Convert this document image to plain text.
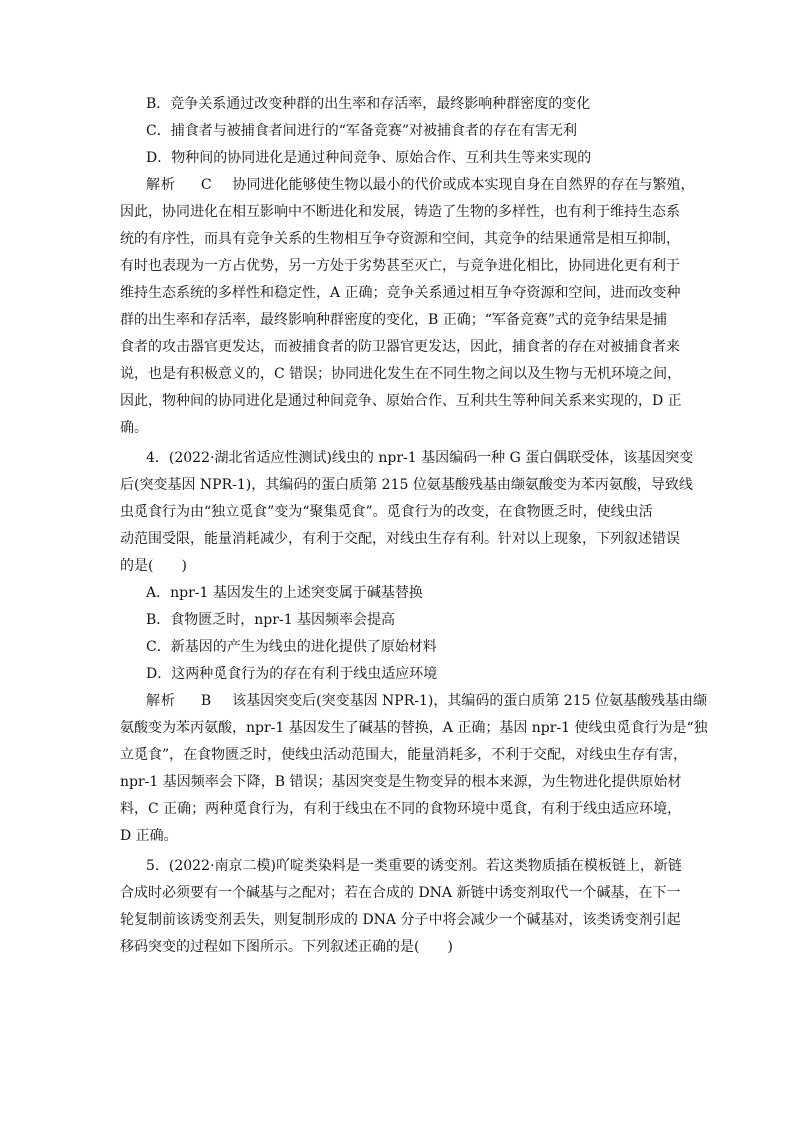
B．竞争关系通过改变种群的出生率和存活率，最终影响种群密度的变化
C．捕食者与被捕食者间进行的“军备竞赛”对被捕食者的存在有害无利
D．物种间的协同进化是通过种间竞争、原始合作、互利共生等来实现的
解析 C 协同进化能够使生物以最小的代价或成本实现自身在自然界的存在与繁殖，
因此，协同进化在相互影响中不断进化和发展，铸造了生物的多样性，也有利于维持生态系
统的有序性，而具有竞争关系的生物相互争夺资源和空间，其竞争的结果通常是相互抑制，
有时也表现为一方占优势，另一方处于劣势甚至灭亡，与竞争进化相比，协同进化更有利于
维持生态系统的多样性和稳定性，A 正确；竞争关系通过相互争夺资源和空间，进而改变种
群的出生率和存活率，最终影响种群密度的变化，B 正确；“军备竞赛”式的竞争结果是捕
食者的攻击器官更发达，而被捕食者的防卫器官更发达，因此，捕食者的存在对被捕食者来
说，也是有积极意义的，C 错误；协同进化发生在不同生物之间以及生物与无机环境之间，
因此，物种间的协同进化是通过种间竞争、原始合作、互利共生等种间关系来实现的，D 正
确。
4．(2022·湖北省适应性测试)线虫的 npr-1 基因编码一种 G 蛋白偶联受体，该基因突变
后(突变基因 NPR-1)，其编码的蛋白质第 215 位氨基酸残基由缬氨酸变为苯丙氨酸，导致线
虫觅食行为由“独立觅食”变为“聚集觅食”。觅食行为的改变，在食物匮乏时，使线虫活
动范围受限，能量消耗减少，有利于交配，对线虫生存有利。针对以上现象，下列叙述错误
的是(　　)
A．npr-1 基因发生的上述突变属于碱基替换
B．食物匮乏时，npr-1 基因频率会提高
C．新基因的产生为线虫的进化提供了原始材料
D．这两种觅食行为的存在有利于线虫适应环境
解析 B 该基因突变后(突变基因 NPR-1)，其编码的蛋白质第 215 位氨基酸残基由缬
氨酸变为苯丙氨酸，npr-1 基因发生了碱基的替换，A 正确；基因 npr-1 使线虫觅食行为是“独
立觅食”，在食物匮乏时，使线虫活动范围大，能量消耗多，不利于交配，对线虫生存有害，
npr-1 基因频率会下降，B 错误；基因突变是生物变异的根本来源，为生物进化提供原始材
料，C 正确；两种觅食行为，有利于线虫在不同的食物环境中觅食，有利于线虫适应环境，
D 正确。
5．(2022·南京二模)吖啶类染料是一类重要的诱变剂。若这类物质插在模板链上，新链
合成时必须要有一个碱基与之配对；若在合成的 DNA 新链中诱变剂取代一个碱基，在下一
轮复制前该诱变剂丢失，则复制形成的 DNA 分子中将会减少一个碱基对，该类诱变剂引起
移码突变的过程如下图所示。下列叙述正确的是(　　)
